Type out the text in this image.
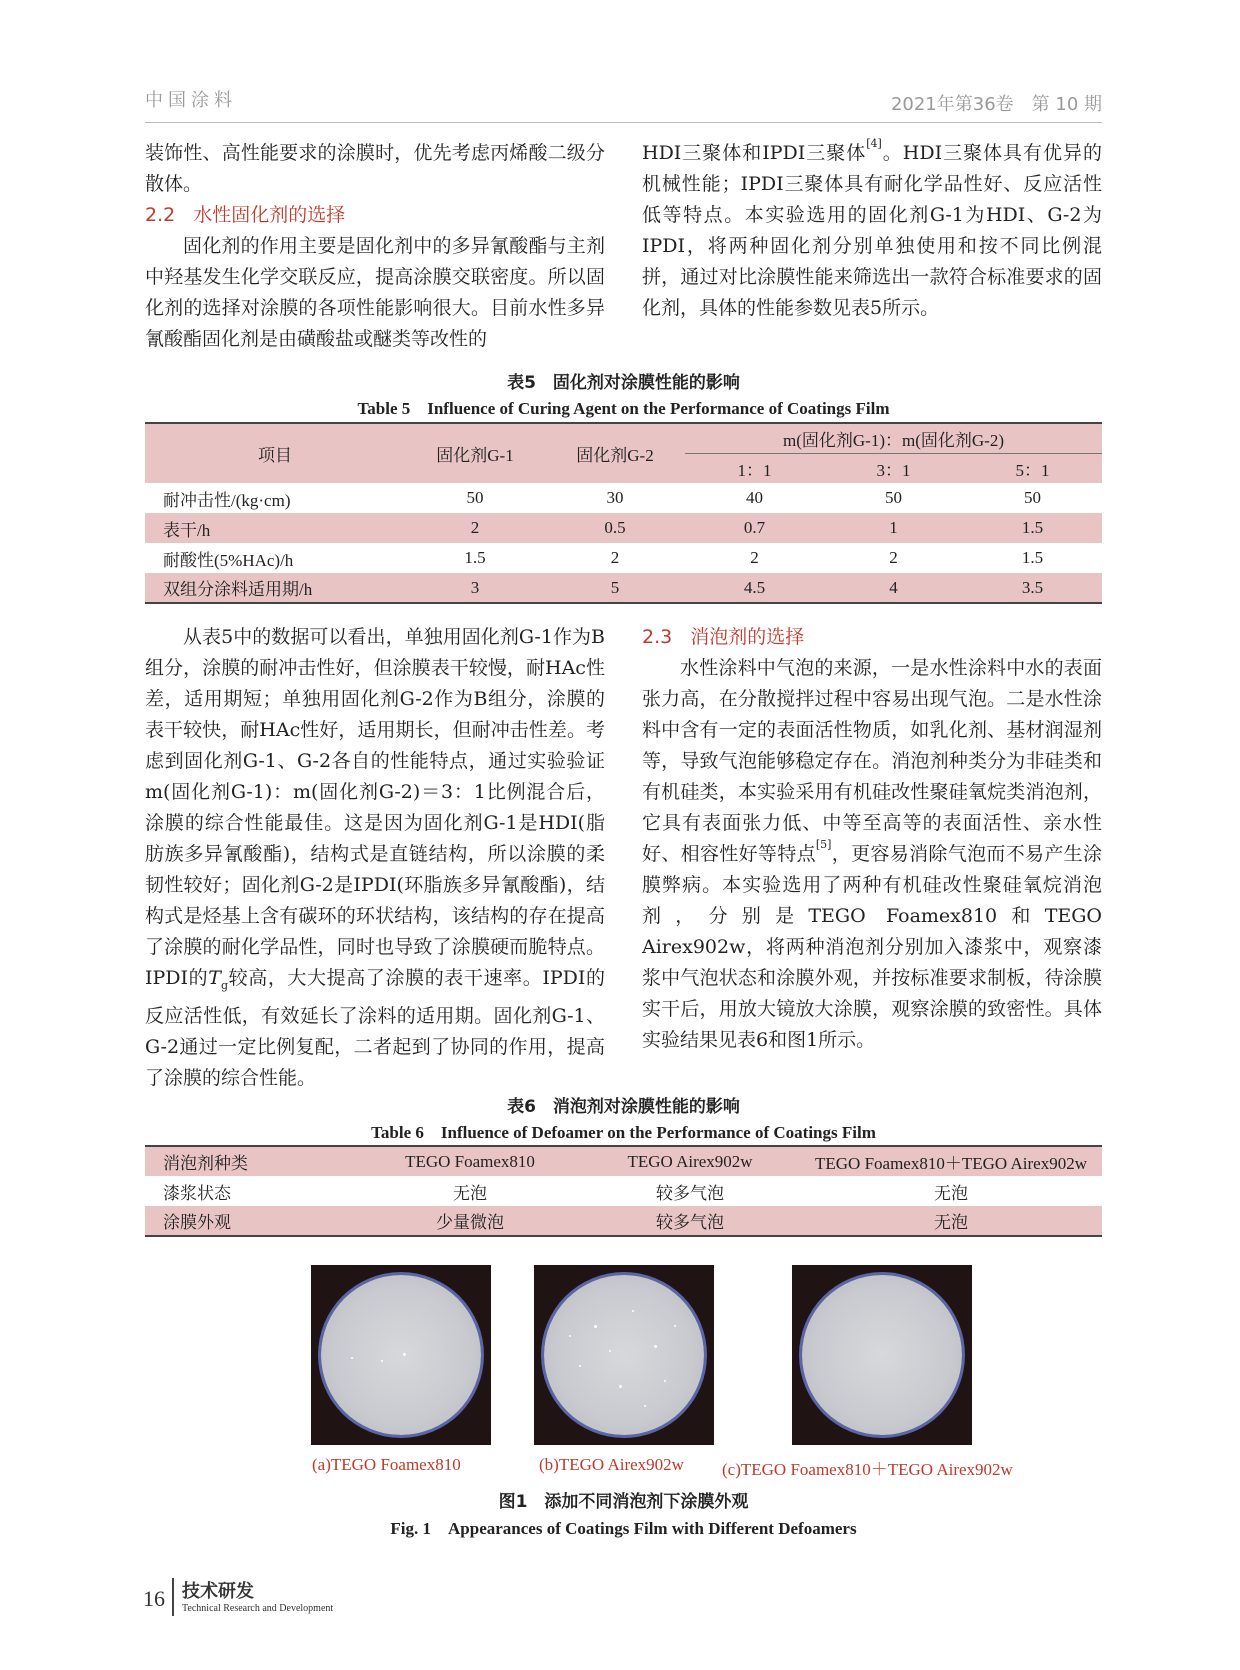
中国涂料	2021年第36卷　第 10 期

装饰性、高性能要求的涂膜时，优先考虑丙烯酸二级分散体。

2.2 水性固化剂的选择

固化剂的作用主要是固化剂中的多异氰酸酯与主剂中羟基发生化学交联反应，提高涂膜交联密度。所以固化剂的选择对涂膜的各项性能影响很大。目前水性多异氰酸酯固化剂是由磺酸盐或醚类等改性的

HDI三聚体和IPDI三聚体[4]。HDI三聚体具有优异的机械性能；IPDI三聚体具有耐化学品性好、反应活性低等特点。本实验选用的固化剂G-1为HDI、G-2为IPDI，将两种固化剂分别单独使用和按不同比例混拼，通过对比涂膜性能来筛选出一款符合标准要求的固化剂，具体的性能参数见表5所示。

表5　固化剂对涂膜性能的影响
Table 5　Influence of Curing Agent on the Performance of Coatings Film
项目	固化剂G-1	固化剂G-2	m(固化剂G-1)：m(固化剂G-2)		
			1：1	3：1	5：1
耐冲击性/(kg·cm)	50	30	40	50	50
表干/h	2	0.5	0.7	1	1.5
耐酸性(5%HAc)/h	1.5	2	2	2	1.5
双组分涂料适用期/h	3	5	4.5	4	3.5

从表5中的数据可以看出，单独用固化剂G-1作为B组分，涂膜的耐冲击性好，但涂膜表干较慢，耐HAc性差，适用期短；单独用固化剂G-2作为B组分，涂膜的表干较快，耐HAc性好，适用期长，但耐冲击性差。考虑到固化剂G-1、G-2各自的性能特点，通过实验验证m(固化剂G-1)：m(固化剂G-2)＝3：1比例混合后，涂膜的综合性能最佳。这是因为固化剂G-1是HDI(脂肪族多异氰酸酯)，结构式是直链结构，所以涂膜的柔韧性较好；固化剂G-2是IPDI(环脂族多异氰酸酯)，结构式是烃基上含有碳环的环状结构，该结构的存在提高了涂膜的耐化学品性，同时也导致了涂膜硬而脆特点。IPDI的$T_g$较高，大大提高了涂膜的表干速率。IPDI的反应活性低，有效延长了涂料的适用期。固化剂G-1、G-2通过一定比例复配，二者起到了协同的作用，提高了涂膜的综合性能。

2.3 消泡剂的选择

水性涂料中气泡的来源，一是水性涂料中水的表面张力高，在分散搅拌过程中容易出现气泡。二是水性涂料中含有一定的表面活性物质，如乳化剂、基材润湿剂等，导致气泡能够稳定存在。消泡剂种类分为非硅类和有机硅类，本实验采用有机硅改性聚硅氧烷类消泡剂，它具有表面张力低、中等至高等的表面活性、亲水性好、相容性好等特点[5]，更容易消除气泡而不易产生涂膜弊病。本实验选用了两种有机硅改性聚硅氧烷消泡剂，分别是TEGO Foamex810和TEGO Airex902w，将两种消泡剂分别加入漆浆中，观察漆浆中气泡状态和涂膜外观，并按标准要求制板，待涂膜实干后，用放大镜放大涂膜，观察涂膜的致密性。具体实验结果见表6和图1所示。

表6　消泡剂对涂膜性能的影响
Table 6　Influence of Defoamer on the Performance of Coatings Film
消泡剂种类	TEGO Foamex810	TEGO Airex902w	TEGO Foamex810＋TEGO Airex902w
漆浆状态	无泡	较多气泡	无泡
涂膜外观	少量微泡	较多气泡	无泡
(a)TEGO Foamex810	(b)TEGO Airex902w (c)TEGO Foamex810＋TEGO Airex902w
图1　添加不同消泡剂下涂膜外观
Fig. 1　Appearances of Coatings Film with Different Defoamers
16 技术研发
Technical Research and Development
